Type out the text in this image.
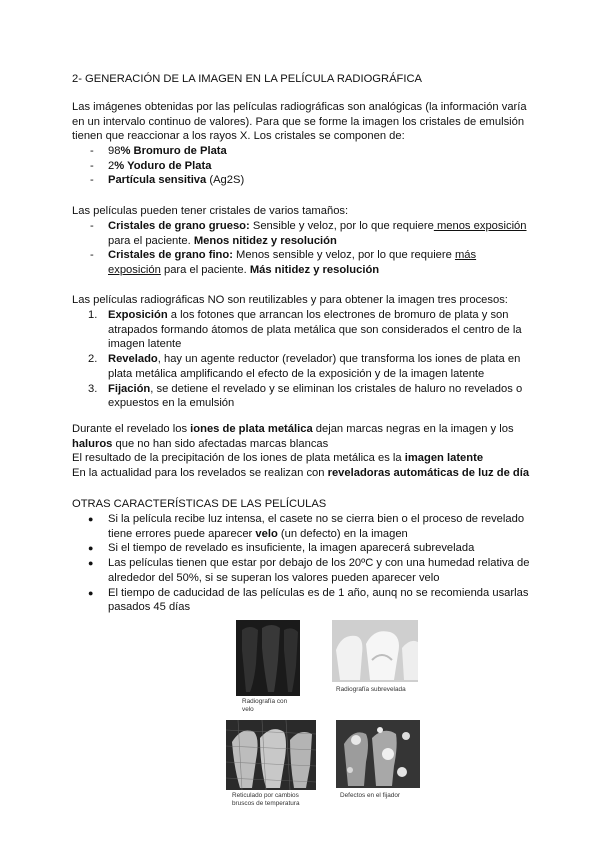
2- GENERACIÓN DE LA IMAGEN EN LA PELÍCULA RADIOGRÁFICA
Las imágenes obtenidas por las películas radiográficas son analógicas (la información varía
en un intervalo continuo de valores). Para que se forme la imagen los cristales de emulsión
tienen que reaccionar a los rayos X. Los cristales se componen de:
- 98% Bromuro de Plata
- 2% Yoduro de Plata
- Partícula sensitiva (Ag2S)
Las películas pueden tener cristales de varios tamaños:
- Cristales de grano grueso: Sensible y veloz, por lo que requiere menos exposición
para el paciente. Menos nitidez y resolución
- Cristales de grano fino: Menos sensible y veloz, por lo que requiere más
exposición para el paciente. Más nitidez y resolución
Las películas radiográficas NO son reutilizables y para obtener la imagen tres procesos:
1. Exposición a los fotones que arrancan los electrones de bromuro de plata y son
atrapados formando átomos de plata metálica que son considerados el centro de la
imagen latente
2. Revelado, hay un agente reductor (revelador) que transforma los iones de plata en
plata metálica amplificando el efecto de la exposición y de la imagen latente
3. Fijación, se detiene el revelado y se eliminan los cristales de haluro no revelados o
expuestos en la emulsión
Durante el revelado los iones de plata metálica dejan marcas negras en la imagen y los
haluros que no han sido afectadas marcas blancas
El resultado de la precipitación de los iones de plata metálica es la imagen latente
En la actualidad para los revelados se realizan con reveladoras automáticas de luz de día
OTRAS CARACTERÍSTICAS DE LAS PELÍCULAS
● Si la película recibe luz intensa, el casete no se cierra bien o el proceso de revelado
tiene errores puede aparecer velo (un defecto) en la imagen
● Si el tiempo de revelado es insuficiente, la imagen aparecerá subrevelada
● Las películas tienen que estar por debajo de los 20ºC y con una humedad relativa de
alrededor del 50%, si se superan los valores pueden aparecer velo
● El tiempo de caducidad de las películas es de 1 año, aunq no se recomienda usarlas
pasados 45 días
Radiografía con
velo
Radiografía subrevelada
Reticulado por cambios
bruscos de temperatura
Defectos en el fijador
